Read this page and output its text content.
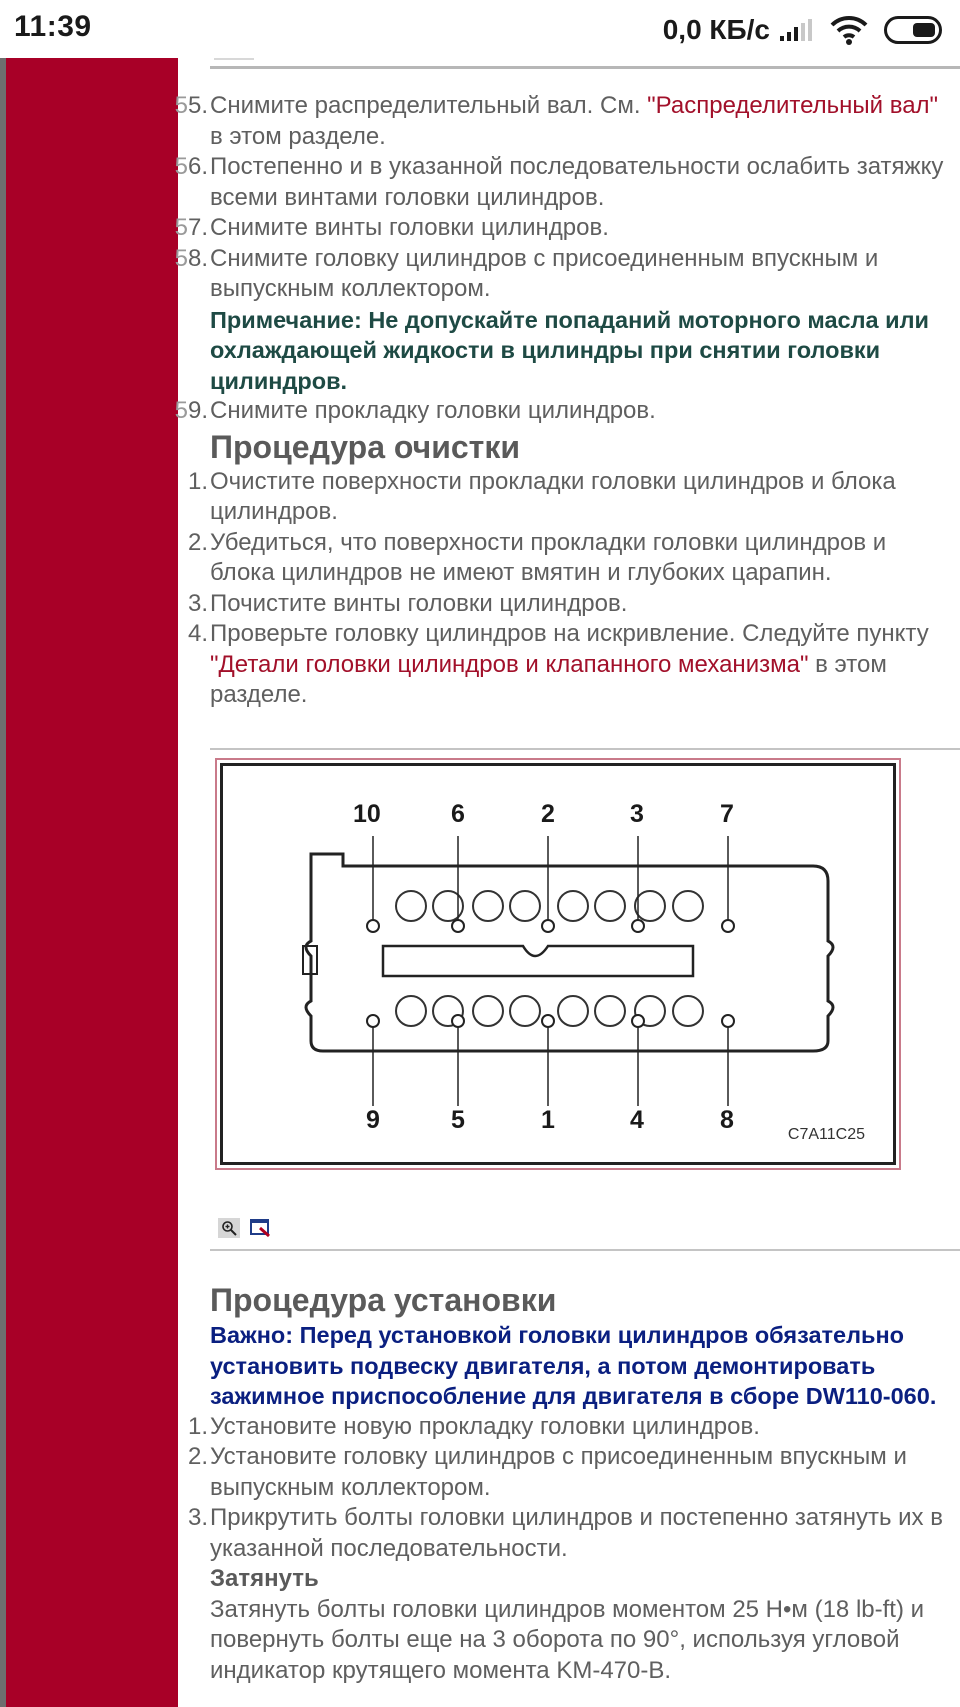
11:39	0,0 КБ/с
55. Снимите распределительный вал. См. "Распределительный вал" в этом разделе.
56. Постепенно и в указанной последовательности ослабить затяжку всеми винтами головки цилиндров.
57. Снимите винты головки цилиндров.
58. Снимите головку цилиндров с присоединенным впускным и выпускным коллектором.
Примечание: Не допускайте попаданий моторного масла или охлаждающей жидкости в цилиндры при снятии головки цилиндров.
59. Снимите прокладку головки цилиндров.
Процедура очистки
1. Очистите поверхности прокладки головки цилиндров и блока цилиндров.
2. Убедиться, что поверхности прокладки головки цилиндров и блока цилиндров не имеют вмятин и глубоких царапин.
3. Почистите винты головки цилиндров.
4. Проверьте головку цилиндров на искривление. Следуйте пункту "Детали головки цилиндров и клапанного механизма" в этом разделе.
10	6	2	3	7
9	5	1	4	8
C7A11C25
Процедура установки
Важно: Перед установкой головки цилиндров обязательно установить подвеску двигателя, а потом демонтировать зажимное приспособление для двигателя в сборе DW110-060.
1. Установите новую прокладку головки цилиндров.
2. Установите головку цилиндров с присоединенным впускным и выпускным коллектором.
3. Прикрутить болты головки цилиндров и постепенно затянуть их в указанной последовательности.
Затянуть
Затянуть болты головки цилиндров моментом 25 Н•м (18 lb-ft) и повернуть болты еще на 3 оборота по 90°, используя угловой индикатор крутящего момента KM-470-B.
